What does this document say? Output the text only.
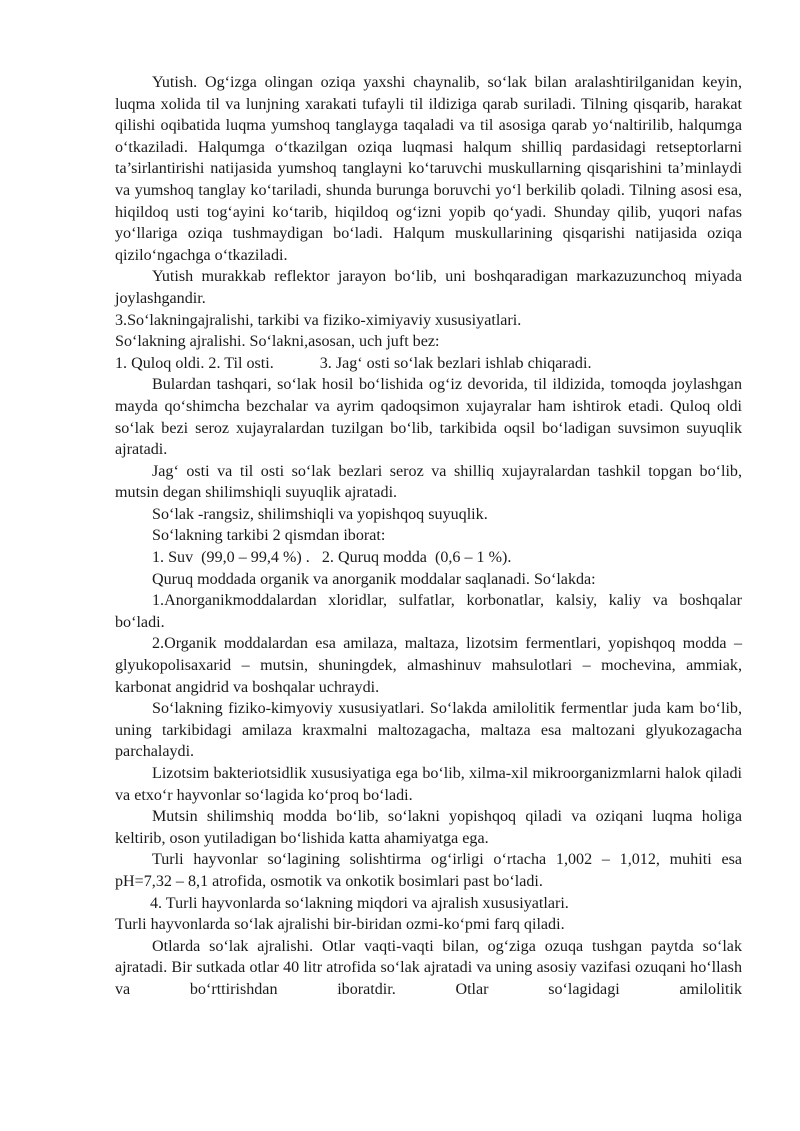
Yutish. Og‘izga olingan oziqa yaxshi chaynalib, so‘lak bilan aralashtirilganidan keyin, luqma xolida til va lunjning xarakati tufayli til ildiziga qarab suriladi. Tilning qisqarib, harakat qilishi oqibatida luqma yumshoq tanglayga taqaladi va til asosiga qarab yo‘naltirilib, halqumga o‘tkaziladi. Halqumga o‘tkazilgan oziqa luqmasi halqum shilliq pardasidagi retseptorlarni ta’sirlantirishi natijasida yumshoq tanglayni ko‘taruvchi muskullarning qisqarishini ta’minlaydi va yumshoq tanglay ko‘tariladi, shunda burunga boruvchi yo‘l berkilib qoladi. Tilning asosi esa, hiqildoq usti tog‘ayini ko‘tarib, hiqildoq og‘izni yopib qo‘yadi. Shunday qilib, yuqori nafas yo‘llariga oziqa tushmaydigan bo‘ladi. Halqum muskullarining qisqarishi natijasida oziqa qizilo‘ngachga o‘tkaziladi.

Yutish murakkab reflektor jarayon bo‘lib, uni boshqaradigan markazuzunchoq miyada joylashgandir.

3.So‘lakningajralishi, tarkibi va fiziko-ximiyaviy xususiyatlari.

So‘lakning ajralishi. So‘lakni,asosan, uch juft bez:

1. Quloq oldi. 2. Til osti.	3. Jag‘ osti so‘lak bezlari ishlab chiqaradi.

Bulardan tashqari, so‘lak hosil bo‘lishida og‘iz devorida, til ildizida, tomoqda joylashgan mayda qo‘shimcha bezchalar va ayrim qadoqsimon xujayralar ham ishtirok etadi. Quloq oldi so‘lak bezi seroz xujayralardan tuzilgan bo‘lib, tarkibida oqsil bo‘ladigan suvsimon suyuqlik ajratadi.

Jag‘ osti va til osti so‘lak bezlari seroz va shilliq xujayralardan tashkil topgan bo‘lib, mutsin degan shilimshiqli suyuqlik ajratadi.

So‘lak -rangsiz, shilimshiqli va yopishqoq suyuqlik.

So‘lakning tarkibi 2 qismdan iborat:

1. Suv  (99,0 – 99,4 %) .   2. Quruq modda  (0,6 – 1 %).

Quruq moddada organik va anorganik moddalar saqlanadi. So‘lakda:

1.Anorganikmoddalardan xloridlar, sulfatlar, korbonatlar, kalsiy, kaliy va boshqalar bo‘ladi.

2.Organik moddalardan esa amilaza, maltaza, lizotsim fermentlari, yopishqoq modda – glyukopolisaxarid – mutsin, shuningdek, almashinuv mahsulotlari – mochevina, ammiak, karbonat angidrid va boshqalar uchraydi.

So‘lakning fiziko-kimyoviy xususiyatlari. So‘lakda amilolitik fermentlar juda kam bo‘lib, uning tarkibidagi amilaza kraxmalni maltozagacha, maltaza esa maltozani glyukozagacha parchalaydi.

Lizotsim bakteriotsidlik xususiyatiga ega bo‘lib, xilma-xil mikroorganizmlarni halok qiladi va etxo‘r hayvonlar so‘lagida ko‘proq bo‘ladi.

Mutsin shilimshiq modda bo‘lib, so‘lakni yopishqoq qiladi va oziqani luqma holiga keltirib, oson yutiladigan bo‘lishida katta ahamiyatga ega.

Turli hayvonlar so‘lagining solishtirma og‘irligi o‘rtacha 1,002 – 1,012, muhiti esa pH=7,32 – 8,1 atrofida, osmotik va onkotik bosimlari past bo‘ladi.

4. Turli hayvonlarda so‘lakning miqdori va ajralish xususiyatlari.

Turli hayvonlarda so‘lak ajralishi bir-biridan ozmi-ko‘pmi farq qiladi.

Otlarda so‘lak ajralishi. Otlar vaqti-vaqti bilan, og‘ziga ozuqa tushgan paytda so‘lak ajratadi. Bir sutkada otlar 40 litr atrofida so‘lak ajratadi va uning asosiy vazifasi ozuqani ho‘llash va bo‘rttirishdan iboratdir. Otlar so‘lagidagi amilolitik
